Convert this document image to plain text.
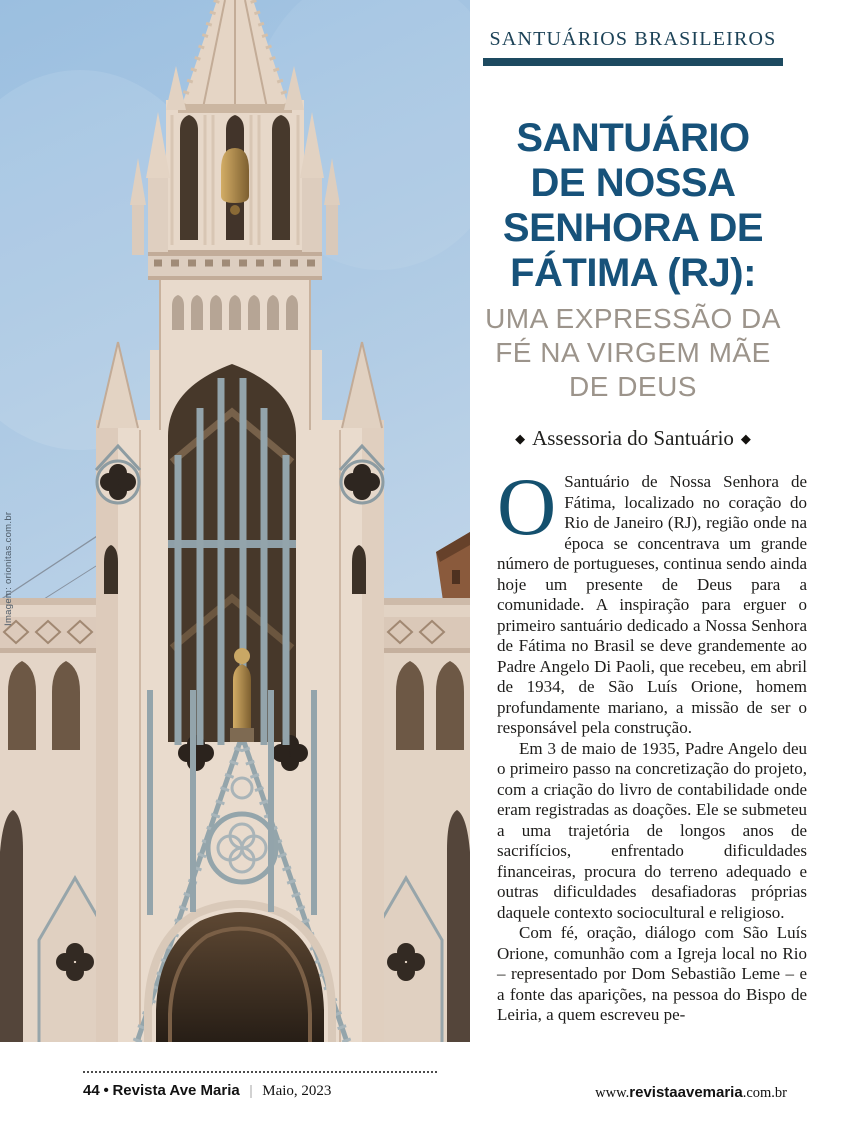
Imagem: orionitas.com.br
SANTUÁRIOS BRASILEIROS
SANTUÁRIO
DE NOSSA
SENHORA DE
FÁTIMA (RJ):
UMA EXPRESSÃO DA
FÉ NA VIRGEM MÃE
DE DEUS
◆ Assessoria do Santuário ◆

O Santuário de Nossa Senhora de Fátima, localizado no coração do Rio de Janeiro (RJ), região onde na época se concentrava um grande número de portugueses, continua sendo ainda hoje um presente de Deus para a comunidade. A inspiração para erguer o primeiro santuário dedicado a Nossa Senhora de Fátima no Brasil se deve grandemente ao Padre Angelo Di Paoli, que recebeu, em abril de 1934, de São Luís Orione, homem profundamente mariano, a missão de ser o responsável pela construção.

Em 3 de maio de 1935, Padre Angelo deu o primeiro passo na concretização do projeto, com a criação do livro de contabilidade onde eram registradas as doações. Ele se submeteu a uma trajetória de longos anos de sacrifícios, enfrentado dificuldades financeiras, procura do terreno adequado e outras dificuldades desafiadoras próprias daquele contexto sociocultural e religioso.

Com fé, oração, diálogo com São Luís Orione, comunhão com a Igreja local no Rio – representado por Dom Sebastião Leme – e a fonte das aparições, na pessoa do Bispo de Leiria, a quem escreveu pe-

44 • Revista Ave Maria | Maio, 2023	www.revistaavemaria.com.br
